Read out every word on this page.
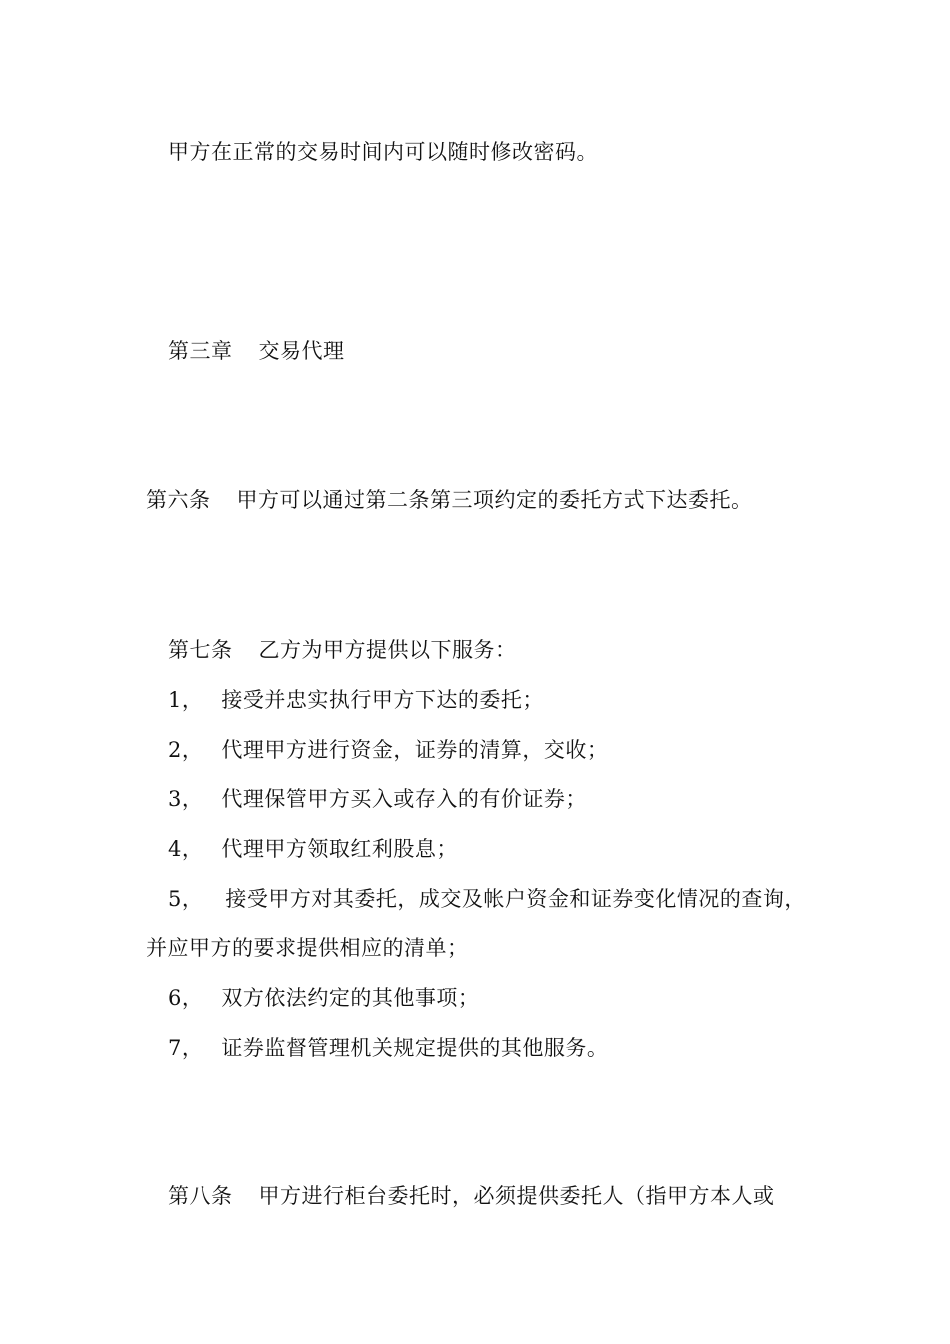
甲方在正常的交易时间内可以随时修改密码。
第三章 交易代理
第六条 甲方可以通过第二条第三项约定的委托方式下达委托。
第七条 乙方为甲方提供以下服务：
1， 接受并忠实执行甲方下达的委托；
2， 代理甲方进行资金，证券的清算，交收；
3， 代理保管甲方买入或存入的有价证券；
4， 代理甲方领取红利股息；
5， 接受甲方对其委托，成交及帐户资金和证券变化情况的查询，
并应甲方的要求提供相应的清单；
6， 双方依法约定的其他事项；
7， 证券监督管理机关规定提供的其他服务。
第八条 甲方进行柜台委托时，必须提供委托人（指甲方本人或
